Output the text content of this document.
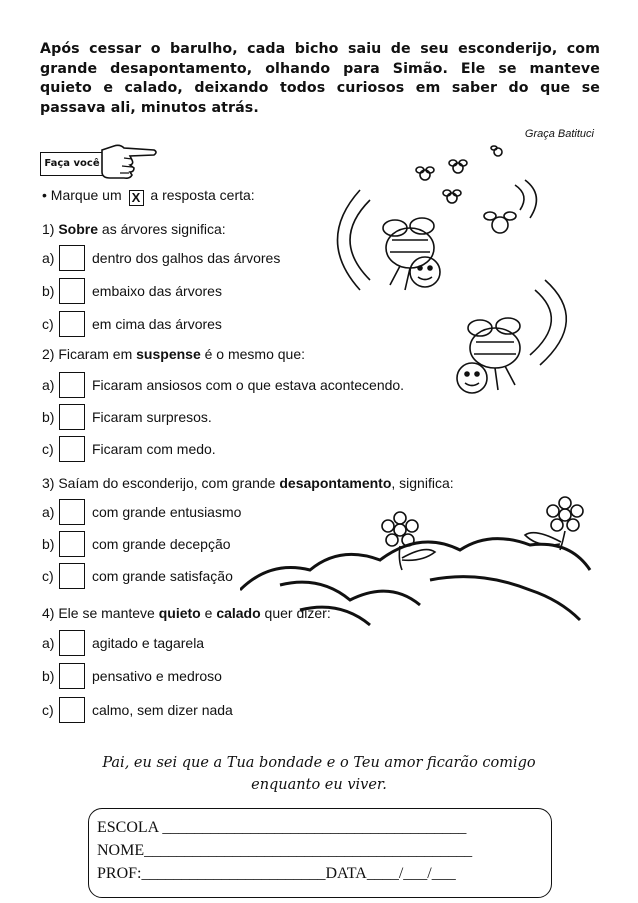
Após cessar o barulho, cada bicho saiu de seu esconderijo, com grande desapontamento, olhando para Simão. Ele se manteve quieto e calado, deixando todos curiosos em saber do que se passava ali, minutos atrás.
Graça Batituci
Faça você
• Marque um X a resposta certa:
1) Sobre as árvores significa:
a)	dentro dos galhos das árvores
b)	embaixo das árvores
c)	em cima das árvores
2) Ficaram em suspense é o mesmo que:
a)	Ficaram ansiosos com o que estava acontecendo.
b)	Ficaram surpresos.
c)	Ficaram com medo.
3) Saíam do esconderijo, com grande desapontamento, significa:
a)	com grande entusiasmo
b)	com grande decepção
c)	com grande satisfação
4) Ele se manteve quieto e calado quer dizer:
a)	agitado e tagarela
b)	pensativo e medroso
c)	calmo, sem dizer nada
Pai, eu sei que a Tua bondade e o Teu amor ficarão comigo
enquanto eu viver.
ESCOLA ______________________________________
NOME_________________________________________
PROF:_______________________DATA____/___/___
